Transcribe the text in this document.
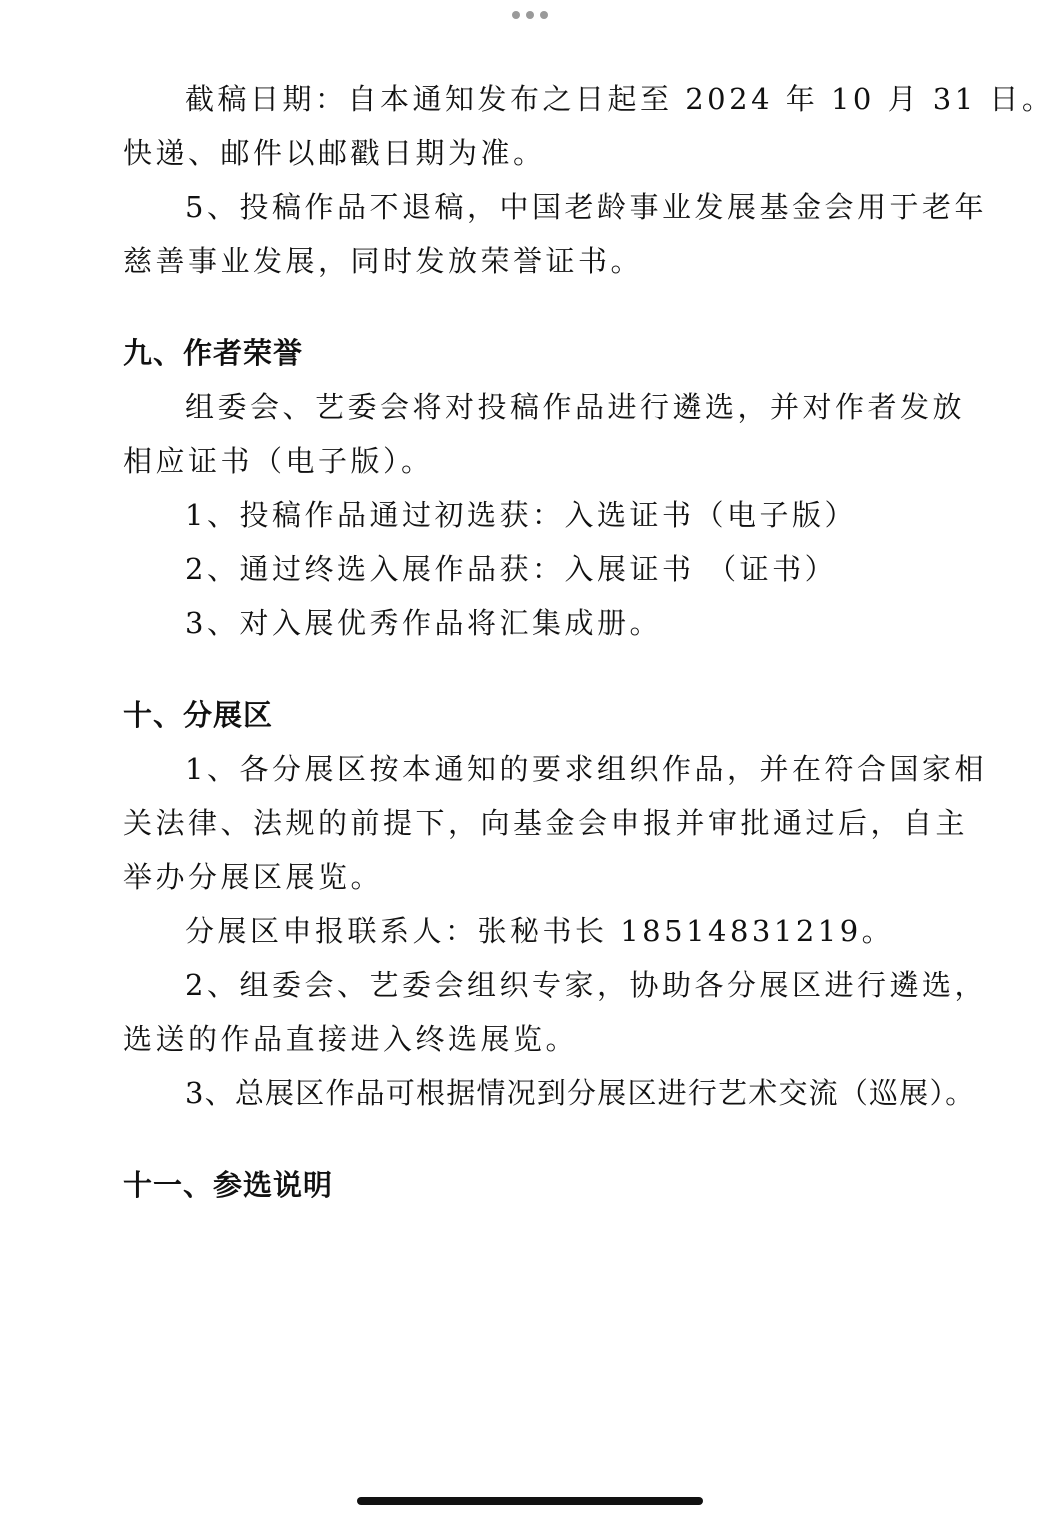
截稿日期：自本通知发布之日起至 2024 年 10 月 31 日。
快递、邮件以邮戳日期为准。
5、投稿作品不退稿，中国老龄事业发展基金会用于老年
慈善事业发展，同时发放荣誉证书。
九、作者荣誉
组委会、艺委会将对投稿作品进行遴选，并对作者发放
相应证书（电子版）。
1、投稿作品通过初选获：入选证书（电子版）
2、通过终选入展作品获：入展证书 （证书）
3、对入展优秀作品将汇集成册。
十、分展区
1、各分展区按本通知的要求组织作品，并在符合国家相
关法律、法规的前提下，向基金会申报并审批通过后，自主
举办分展区展览。
分展区申报联系人：张秘书长 18514831219。
2、组委会、艺委会组织专家，协助各分展区进行遴选，
选送的作品直接进入终选展览。
3、总展区作品可根据情况到分展区进行艺术交流（巡展）。
十一、参选说明
